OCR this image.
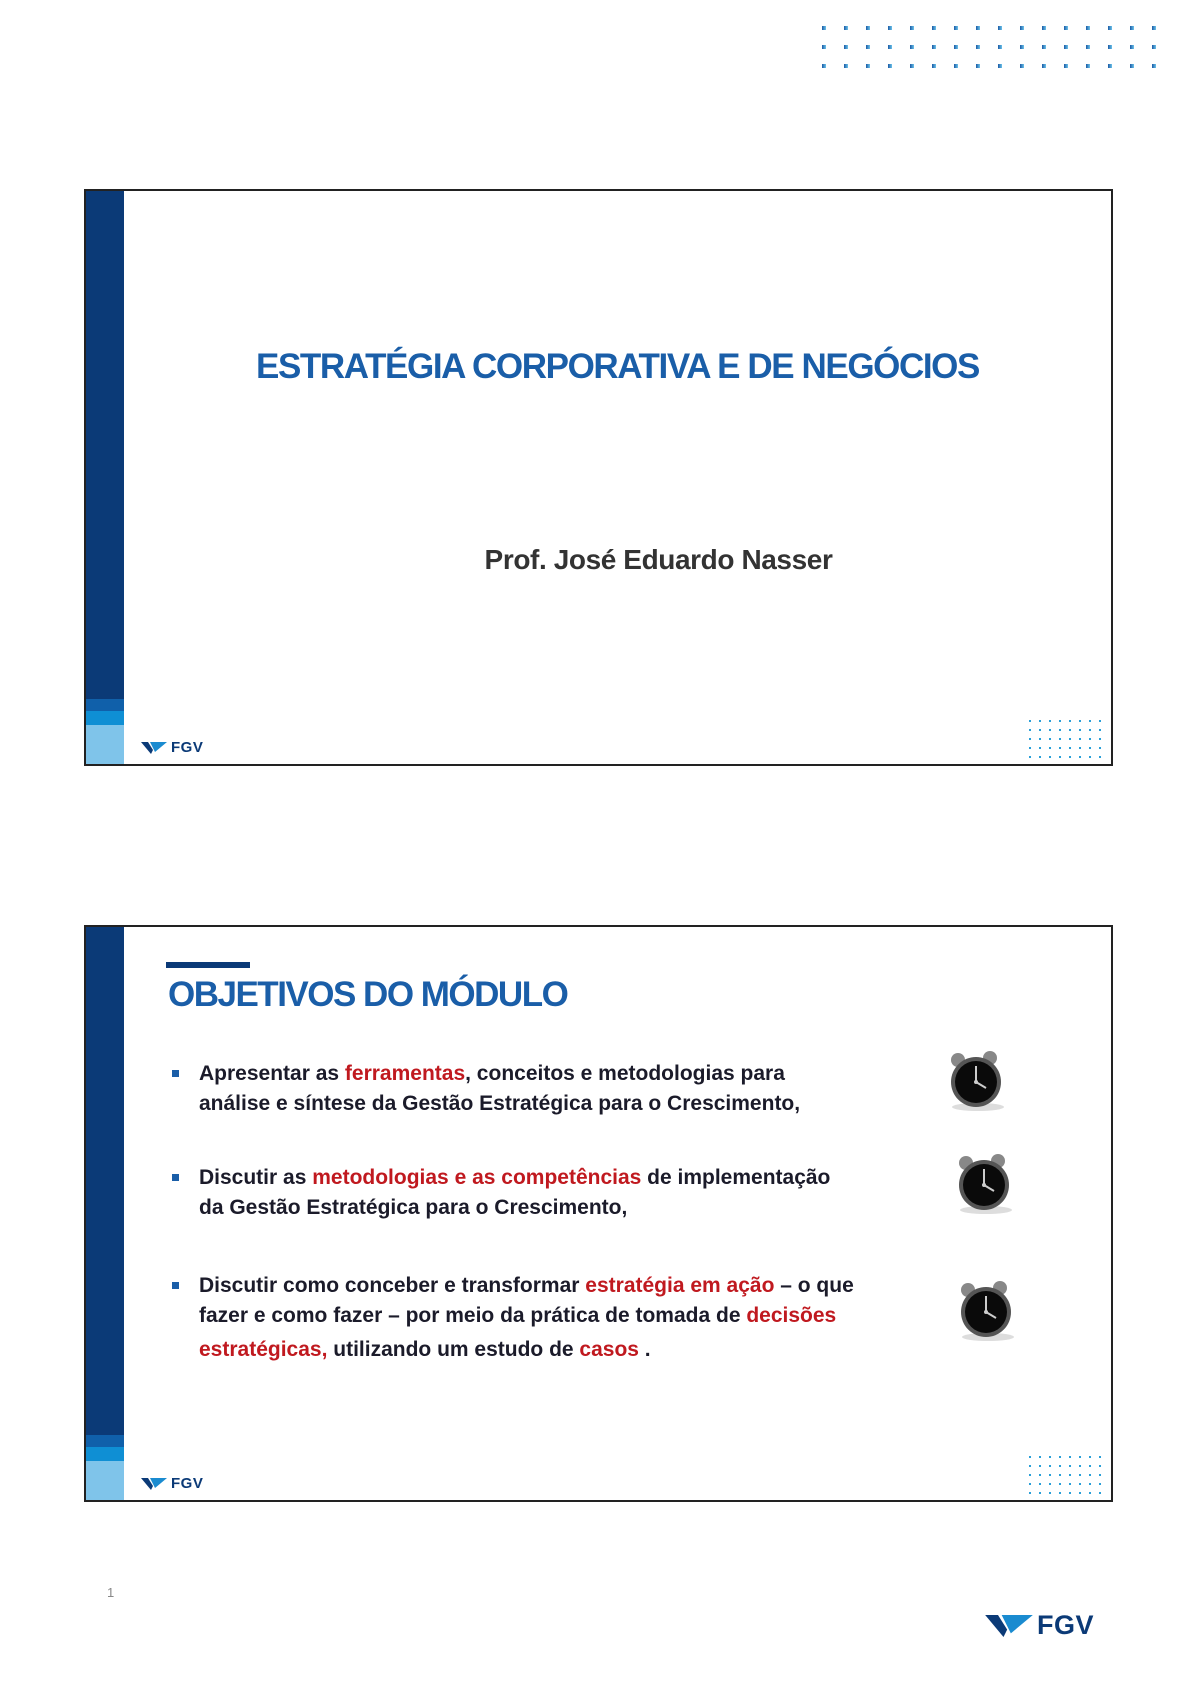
ESTRATÉGIA CORPORATIVA E DE NEGÓCIOS
Prof. José Eduardo Nasser
FGV
OBJETIVOS DO MÓDULO
Apresentar as ferramentas, conceitos e metodologias para
análise e síntese da Gestão Estratégica para o Crescimento,
Discutir as metodologias e as competências de implementação
da Gestão Estratégica para o Crescimento,
Discutir como conceber e transformar estratégia em ação – o que
fazer e como fazer – por meio da prática de tomada de decisões
estratégicas, utilizando um estudo de casos .
FGV
1
FGV
